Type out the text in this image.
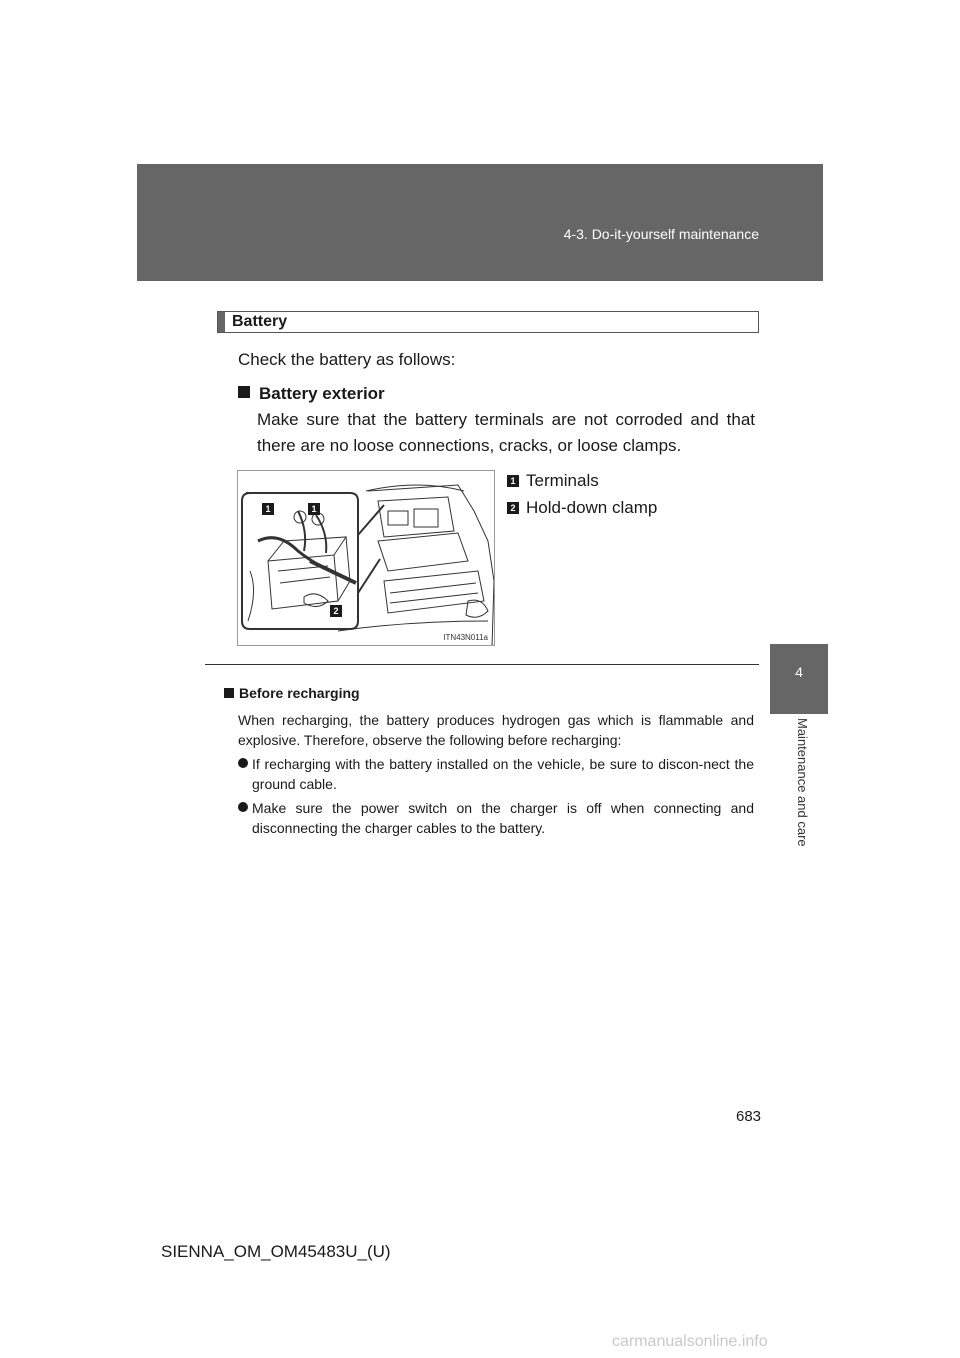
4-3. Do-it-yourself maintenance
4
Maintenance and care
Battery
Check the battery as follows:
Battery exterior
Make sure that the battery terminals are not corroded and that there are no loose connections, cracks, or loose clamps.
1	1
2
ITN43N011a
1 Terminals
2 Hold-down clamp
Before recharging
When recharging, the battery produces hydrogen gas which is flammable and explosive. Therefore, observe the following before recharging:
If recharging with the battery installed on the vehicle, be sure to discon-nect the ground cable.
Make sure the power switch on the charger is off when connecting and disconnecting the charger cables to the battery.
683
SIENNA_OM_OM45483U_(U)
carmanualsonline.info
